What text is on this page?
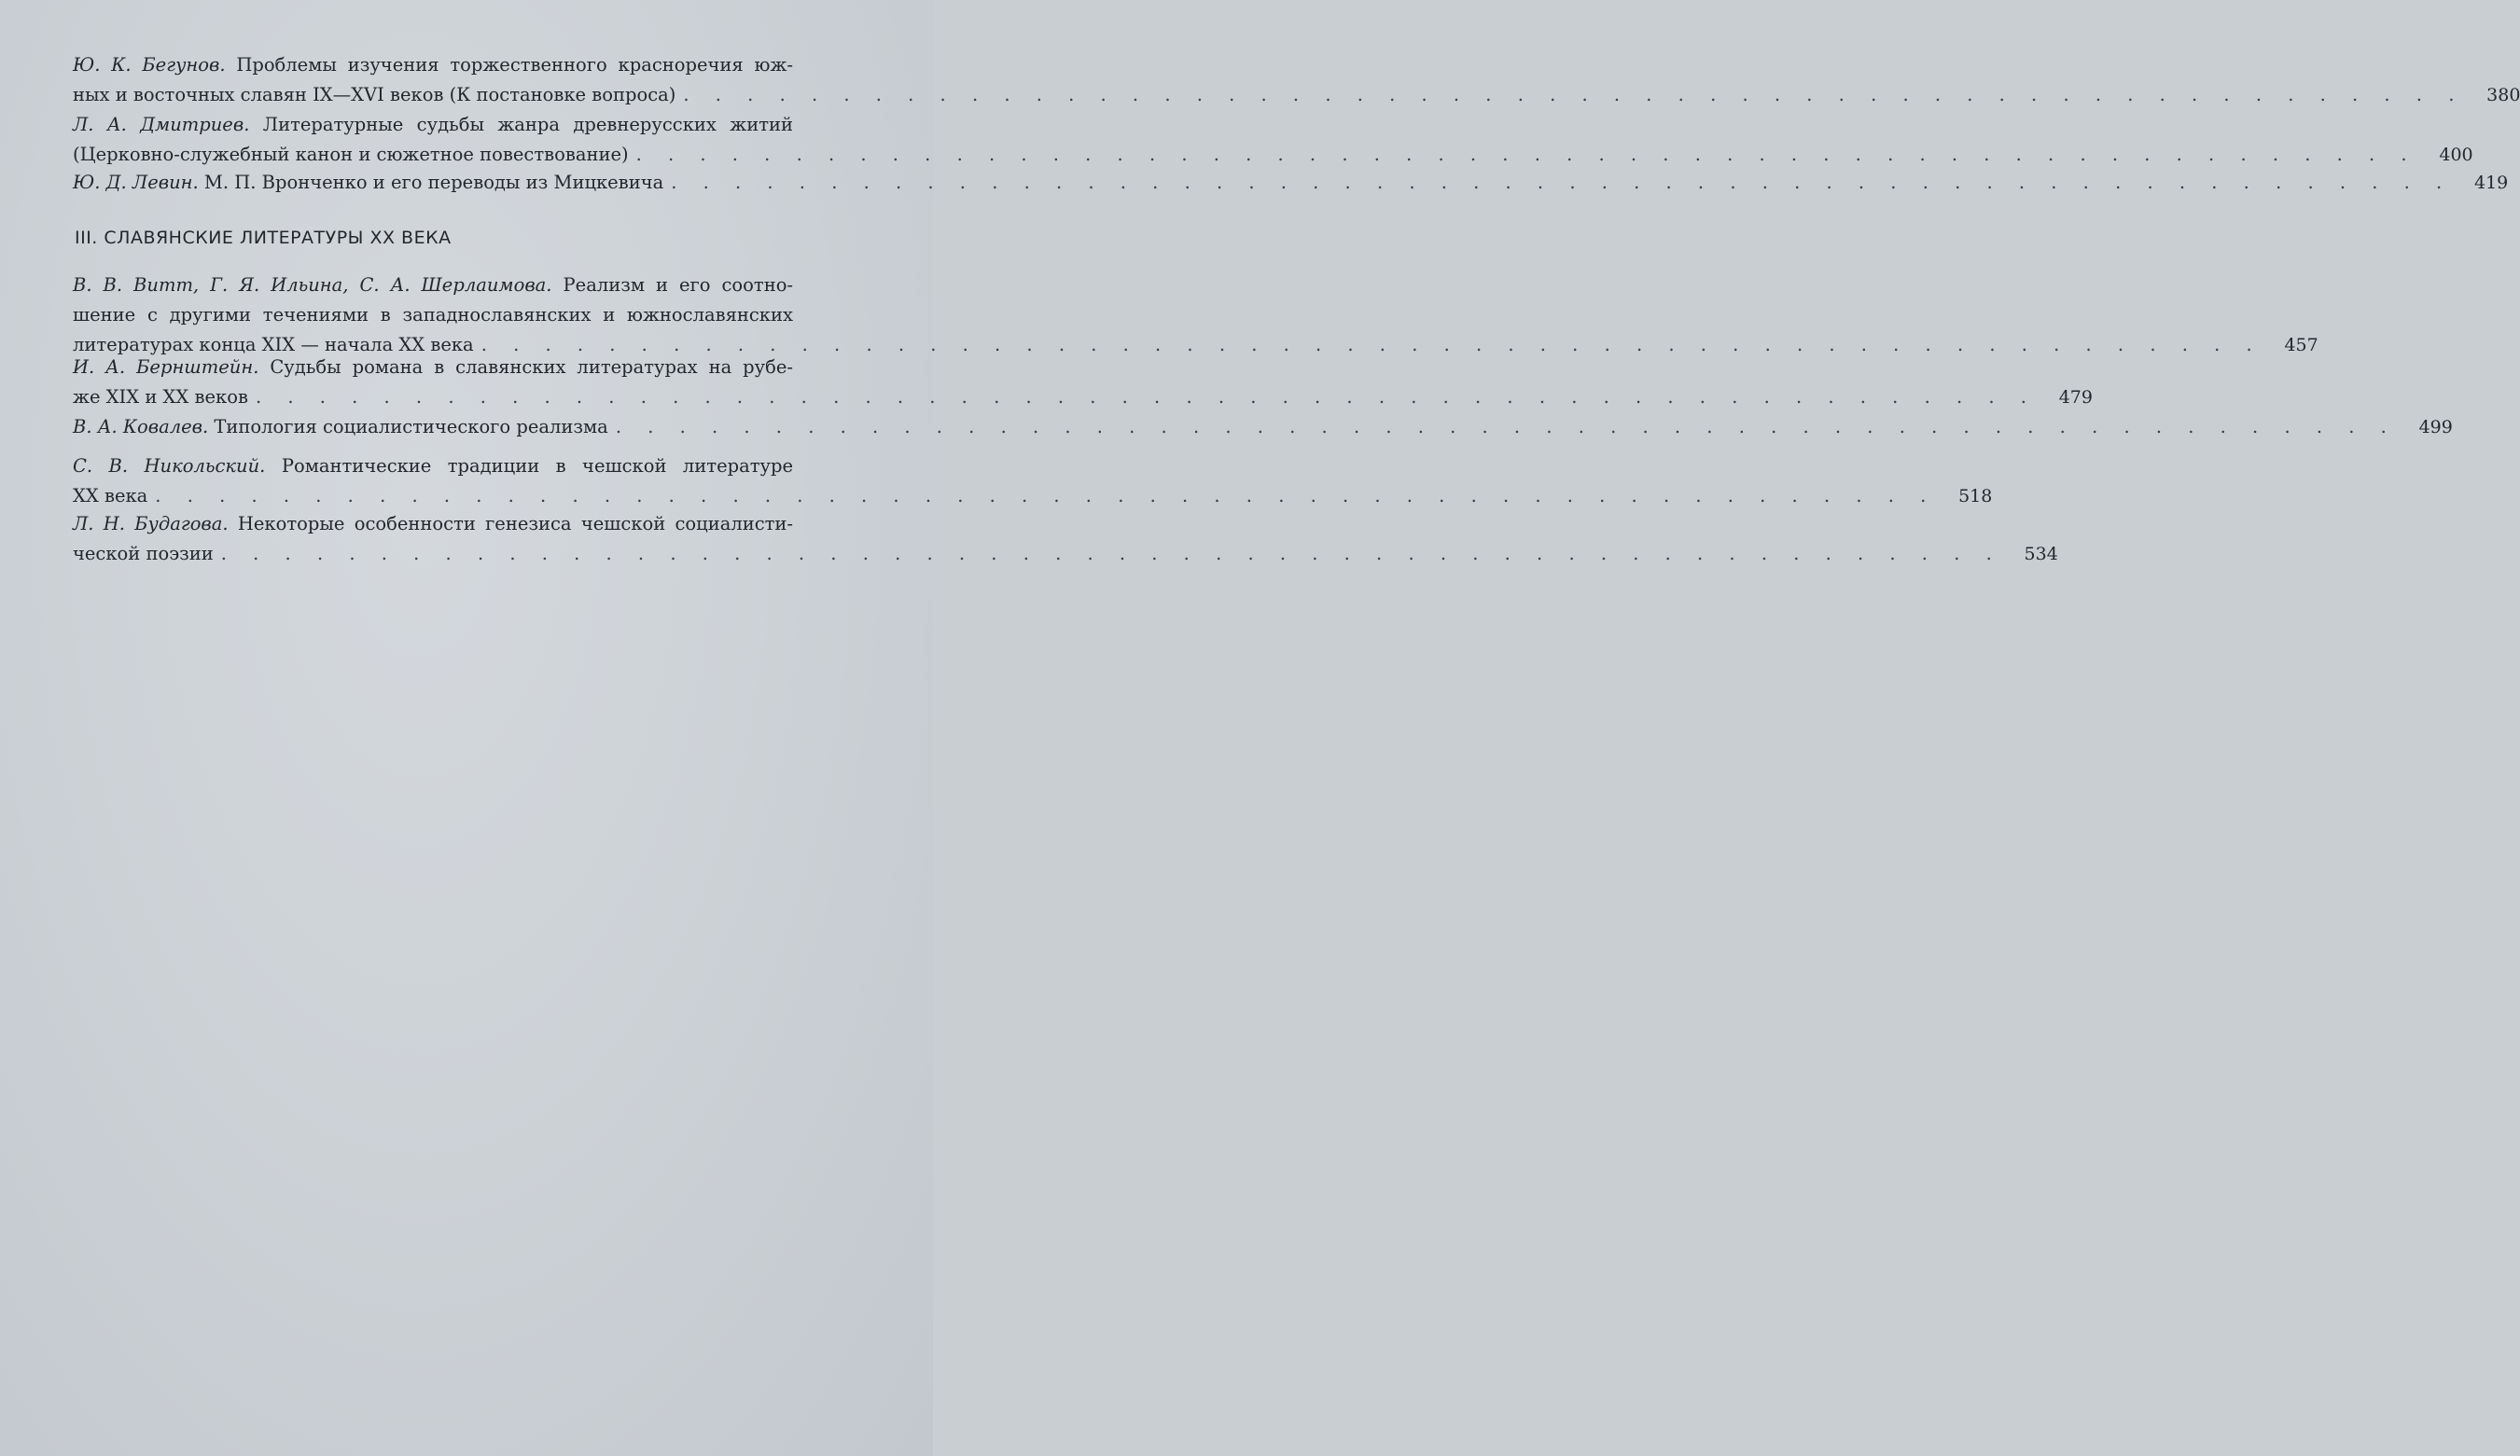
Ю. К. Бегунов. Проблемы изучения торжественного красноречия юж-
ных и восточных славян IX—XVI веков (К постановке вопроса) . . .	380
Л. А. Дмитриев. Литературные судьбы жанра древнерусских житий
(Церковно-служебный канон и сюжетное повествование) . . .	400
Ю. Д. Левин. М. П. Вронченко и его переводы из Мицкевича . . .	419
III. СЛАВЯНСКИЕ ЛИТЕРАТУРЫ XX ВЕКА
В. В. Витт, Г. Я. Ильина, С. А. Шерлаимова. Реализм и его соотно-
шение с другими течениями в западнославянских и южнославянских
литературах конца XIX — начала XX века . . .	457
И. А. Бернштейн. Судьбы романа в славянских литературах на рубе-
же XIX и XX веков . . .	479
В. А. Ковалев. Типология социалистического реализма . . .	499
С. В. Никольский. Романтические традиции в чешской литературе
XX века . . .	518
Л. Н. Будагова. Некоторые особенности генезиса чешской социалисти-
ческой поэзии . . .	534
